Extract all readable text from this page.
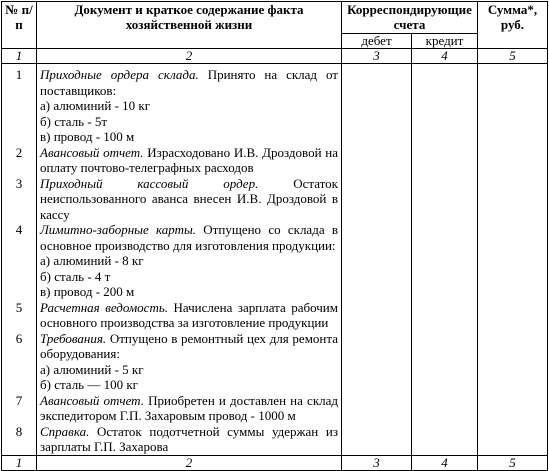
№ п/п	Документ и краткое содержание факта хозяйственной жизни	Корреспондирующие счета		Сумма*, руб.
		дебет	кредит	
1	2	3	4	5
1	Приходные ордера склада. Принято на склад от поставщиков:
а) алюминий - 10 кг
б) сталь - 5т
в) провод - 100 м			

2	Авансовый отчет. Израсходовано И.В. Дроздовой на оплату почтово-телеграфных расходов			

3	Приходный кассовый ордер. Остаток неиспользованного аванса внесен И.В. Дроздовой в кассу			

4	Лимитно-заборные карты. Отпущено со склада в основное производство для изготовления продукции:
а) алюминий - 8 кг
б) сталь - 4 т
в) провод - 200 м			

5	Расчетная ведомость. Начислена зарплата рабочим основного производства за изготовление продукции			

6	Требования. Отпущено в ремонтный цех для ремонта оборудования:
а) алюминий - 5 кг
б) сталь — 100 кг			

7	Авансовый отчет. Приобретен и доставлен на склад экспедитором Г.П. Захаровым провод - 1000 м			

8	Справка. Остаток подотчетной суммы удержан из зарплаты Г.П. Захарова			

1	2	3	4	5
